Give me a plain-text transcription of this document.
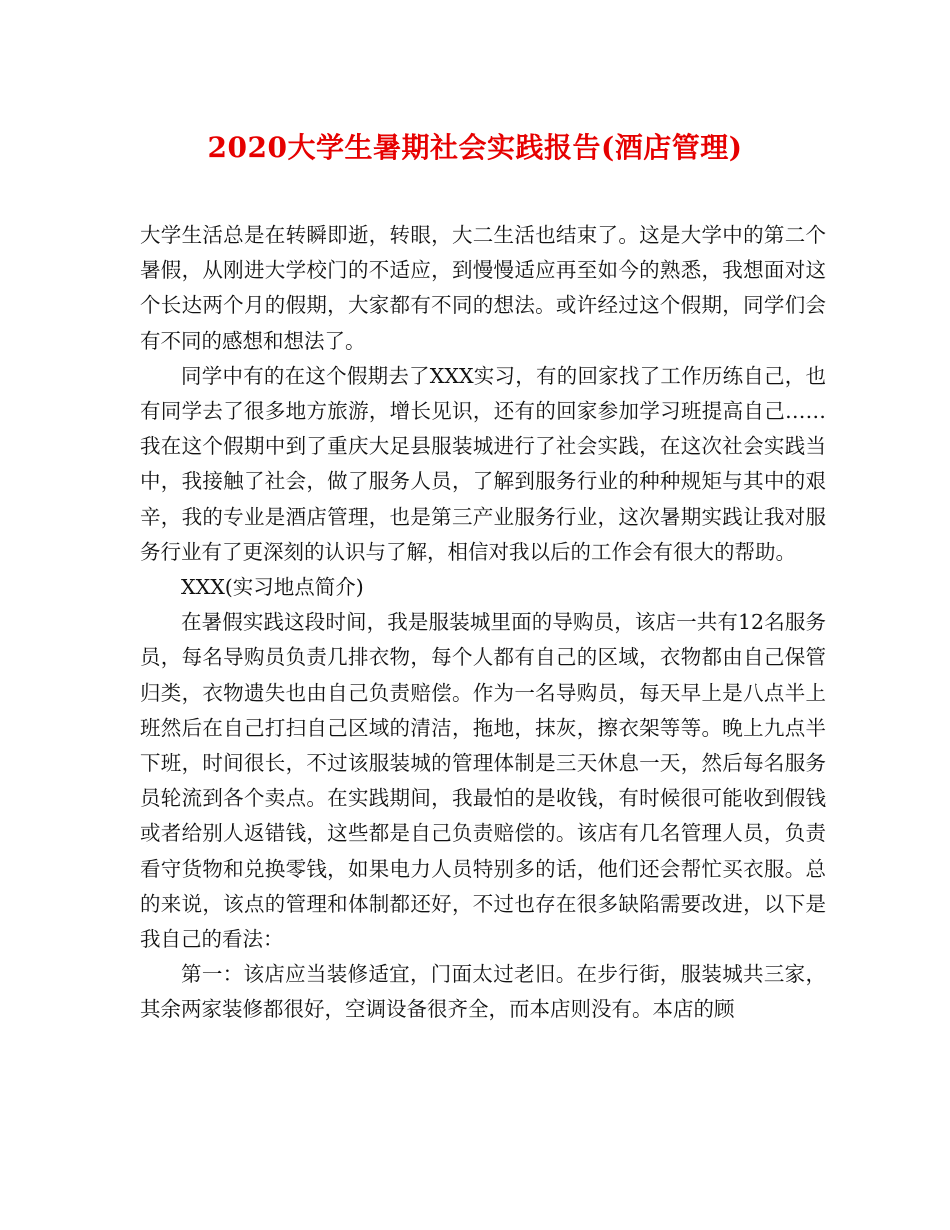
2020大学生暑期社会实践报告(酒店管理)

大学生活总是在转瞬即逝，转眼，大二生活也结束了。这是大学中的第二个暑假，从刚进大学校门的不适应，到慢慢适应再至如今的熟悉，我想面对这个长达两个月的假期，大家都有不同的想法。或许经过这个假期，同学们会有不同的感想和想法了。

同学中有的在这个假期去了XXX实习，有的回家找了工作历练自己，也有同学去了很多地方旅游，增长见识，还有的回家参加学习班提高自己……我在这个假期中到了重庆大足县服装城进行了社会实践，在这次社会实践当中，我接触了社会，做了服务人员，了解到服务行业的种种规矩与其中的艰辛，我的专业是酒店管理，也是第三产业服务行业，这次暑期实践让我对服务行业有了更深刻的认识与了解，相信对我以后的工作会有很大的帮助。

XXX(实习地点简介)

在暑假实践这段时间，我是服装城里面的导购员，该店一共有12名服务员，每名导购员负责几排衣物，每个人都有自己的区域，衣物都由自己保管归类，衣物遗失也由自己负责赔偿。作为一名导购员，每天早上是八点半上班然后在自己打扫自己区域的清洁，拖地，抹灰，擦衣架等等。晚上九点半下班，时间很长，不过该服装城的管理体制是三天休息一天，然后每名服务员轮流到各个卖点。在实践期间，我最怕的是收钱，有时候很可能收到假钱或者给别人返错钱，这些都是自己负责赔偿的。该店有几名管理人员，负责看守货物和兑换零钱，如果电力人员特别多的话，他们还会帮忙买衣服。总的来说，该点的管理和体制都还好，不过也存在很多缺陷需要改进，以下是我自己的看法：

第一：该店应当装修适宜，门面太过老旧。在步行街，服装城共三家，其余两家装修都很好，空调设备很齐全，而本店则没有。本店的顾
